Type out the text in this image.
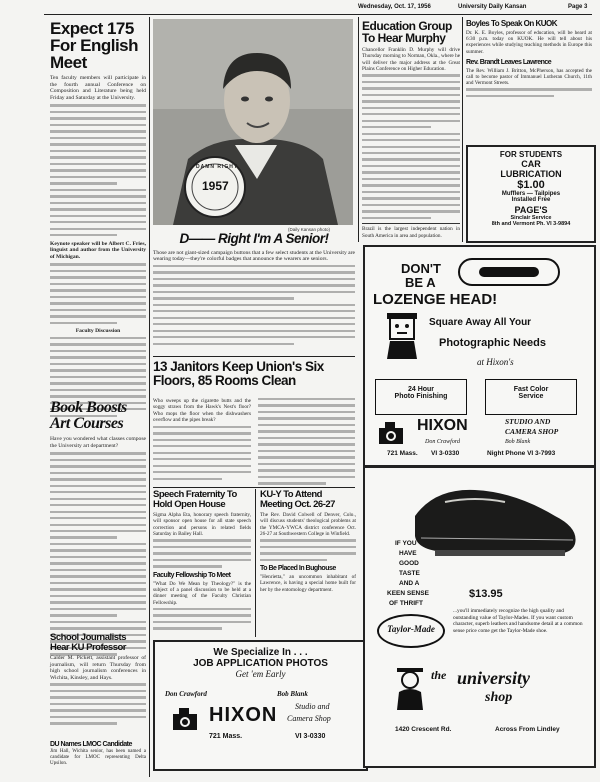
Wednesday, Oct. 17, 1956	University Daily Kansan	Page 3
Expect 175 For English Meet
Ten faculty members will participate in the fourth annual Conference on Composition and Literature being held Friday and Saturday at the University.
Keynote speaker will be Albert C. Fries, linguist and author from the University of Michigan.
Faculty Discussion
Book Boosts Art Courses
Have you wondered what classes compose the University art department?
School Journalists Hear KU Professor
Calder M. Pickett, assistant professor of journalism, will return Thursday from high school journalism conferences in Wichita, Kinsley, and Hays.
DU Names LMOC Candidate
Jim Hall, Wichita senior, has been named a candidate for LMOC representing Delta Upsilon.
1957
DAMN RIGHT
(Daily Kansan photo)
D—— Right I'm A Senior!
Those are not giant-sized campaign buttons that a few select students at the University are wearing today—they're colorful badges that announce the wearers are seniors.
13 Janitors Keep Union's Six Floors, 85 Rooms Clean
Who sweeps up the cigarette butts and the soggy straws from the Hawk's Nest's floor? Who mops the floor when the dishwashers overflow and the pipes break?
Speech Fraternity To Hold Open House
Sigma Alpha Eta, honorary speech fraternity, will sponsor open house for all state speech correction and persons in related fields Saturday in Bailey Hall.
Faculty Fellowship To Meet
"What Do We Mean by Theology?" is the subject of a panel discussion to be held at a dinner meeting of the Faculty Christian Fellowship.
KU-Y To Attend Meeting Oct. 26-27
The Rev. David Colwell of Denver, Colo., will discuss students' theological problems at the YMCA-YWCA district conference Oct. 26-27 at Southwestern College in Winfield.
To Be Placed In Bughouse
"Henrietta," an uncommon inhabitant of Lawrence, is having a special home built for her by the entomology department.
We Specialize In . . .
JOB APPLICATION PHOTOS
Get 'em Early
Don Crawford	Bob Blank
HIXON Studio and
Camera Shop
721 Mass.	VI 3-0330
Education Group To Hear Murphy
Chancellor Franklin D. Murphy will drive Thursday morning to Norman, Okla., where he will deliver the major address at the Great Plains Conference on Higher Education.
Brazil is the largest independent nation in South America in area and population.
Boyles To Speak On KUOK
Dr. K. E. Boyles, professor of education, will be heard at 6:30 p.m. today on KUOK. He will tell about his experiences while studying teaching methods in Europe this summer.
Rev. Brandt Leaves Lawrence
The Rev. William J. Britton, McPherson, has accepted the call to become pastor of Immanuel Lutheran Church, 11th and Vermont Streets.
FOR STUDENTS
CAR
LUBRICATION
$1.00
Mufflers — Tailpipes
Installed Free
PAGE'S
Sinclair Service
8th and Vermont Ph. VI 3-9894
DON'T
BE A
LOZENGE HEAD!
Square Away All Your
Photographic Needs
at Hixon's
24 Hour
Photo Finishing
Fast Color
Service
HIXON	STUDIO AND
CAMERA SHOP
Don Crawford	Bob Blank
721 Mass. VI 3-0330	Night Phone VI 3-7993
IF YOU
HAVE
GOOD
TASTE
AND A
KEEN SENSE
OF THRIFT
$13.95
Taylor-Made
...you'll immediately recognize the high quality and outstanding value of Taylor-Mades. If you want custom character, superb leathers and handsome detail at a common sense price come get the Taylor-Made shoe.
the university
shop
1420 Crescent Rd.	Across From Lindley
